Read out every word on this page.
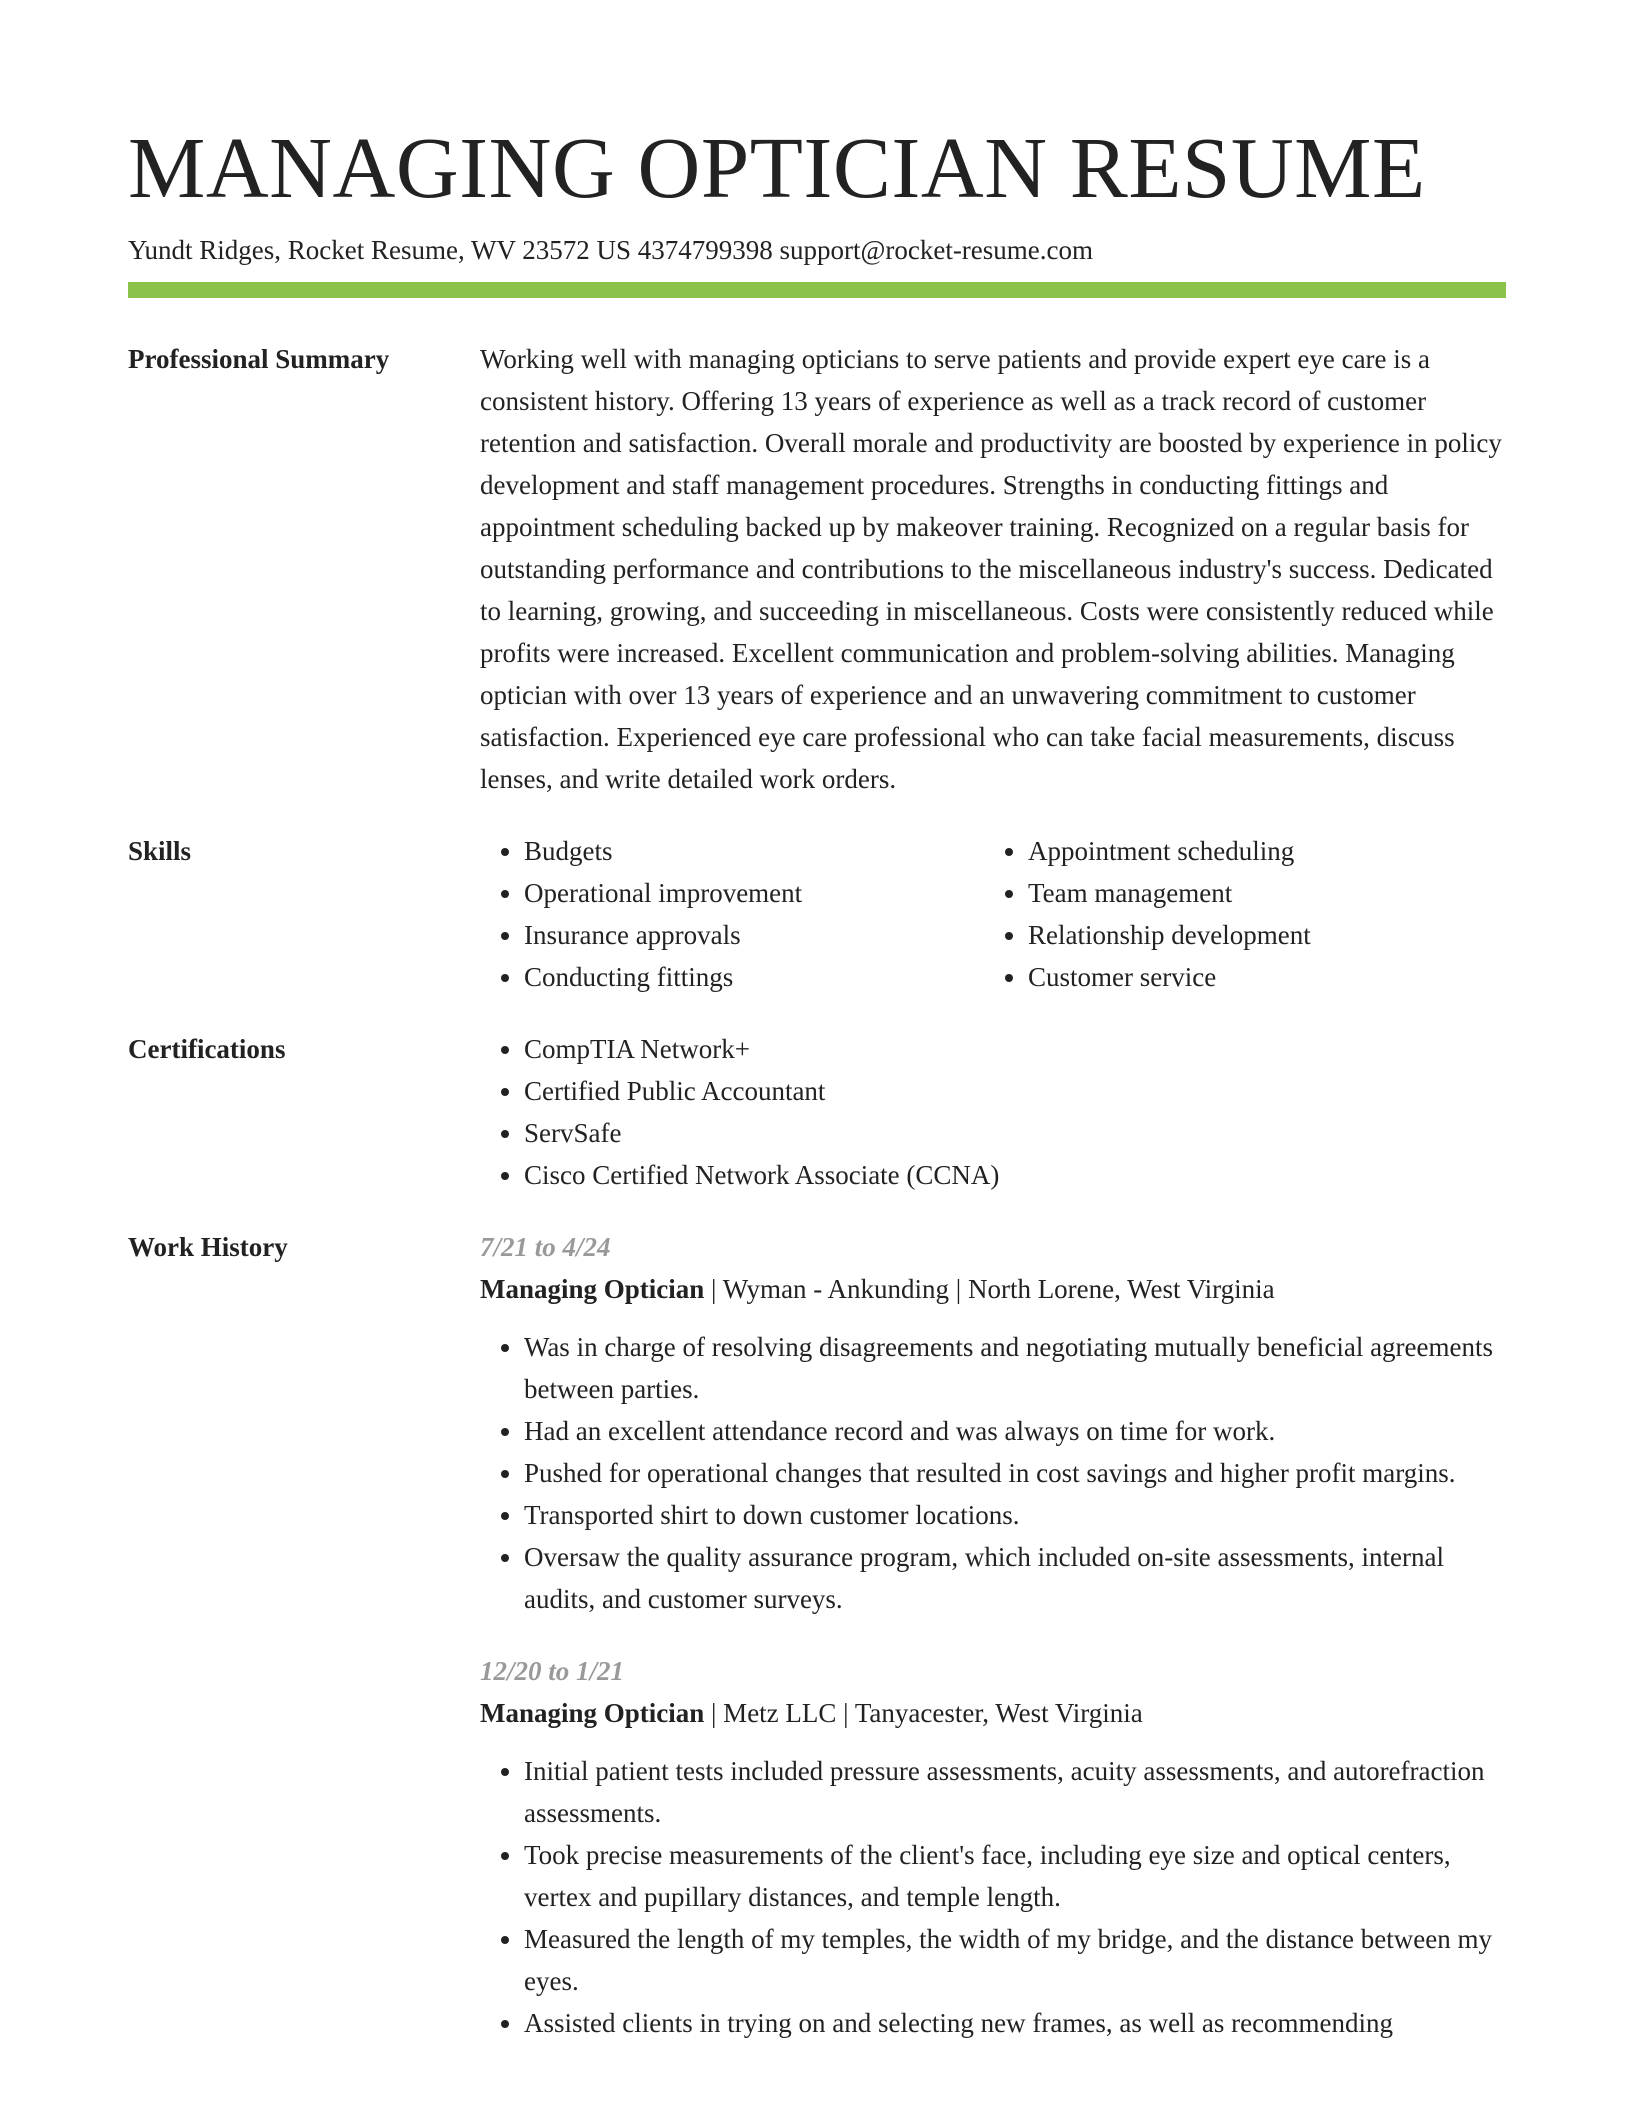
MANAGING OPTICIAN RESUME
Yundt Ridges, Rocket Resume, WV 23572 US 4374799398 support@rocket-resume.com
Professional Summary	Working well with managing opticians to serve patients and provide expert eye care is a consistent history. Offering 13 years of experience as well as a track record of customer retention and satisfaction. Overall morale and productivity are boosted by experience in policy development and staff management procedures. Strengths in conducting fittings and appointment scheduling backed up by makeover training. Recognized on a regular basis for outstanding performance and contributions to the miscellaneous industry's success. Dedicated to learning, growing, and succeeding in miscellaneous. Costs were consistently reduced while profits were increased. Excellent communication and problem-solving abilities. Managing optician with over 13 years of experience and an unwavering commitment to customer satisfaction. Experienced eye care professional who can take facial measurements, discuss lenses, and write detailed work orders.

Skills	• Budgets
• Operational improvement
• Insurance approvals
• Conducting fittings
• Appointment scheduling
• Team management
• Relationship development
• Customer service
Certifications	• CompTIA Network+
• Certified Public Accountant
• ServSafe
• Cisco Certified Network Associate (CCNA)
Work History	7/21 to 4/24
Managing Optician | Wyman - Ankunding | North Lorene, West Virginia
• Was in charge of resolving disagreements and negotiating mutually beneficial agreements between parties.
• Had an excellent attendance record and was always on time for work.
• Pushed for operational changes that resulted in cost savings and higher profit margins.
• Transported shirt to down customer locations.
• Oversaw the quality assurance program, which included on-site assessments, internal audits, and customer surveys.
12/20 to 1/21
Managing Optician | Metz LLC | Tanyacester, West Virginia
• Initial patient tests included pressure assessments, acuity assessments, and autorefraction assessments.
• Took precise measurements of the client's face, including eye size and optical centers, vertex and pupillary distances, and temple length.
• Measured the length of my temples, the width of my bridge, and the distance between my eyes.
• Assisted clients in trying on and selecting new frames, as well as recommending
